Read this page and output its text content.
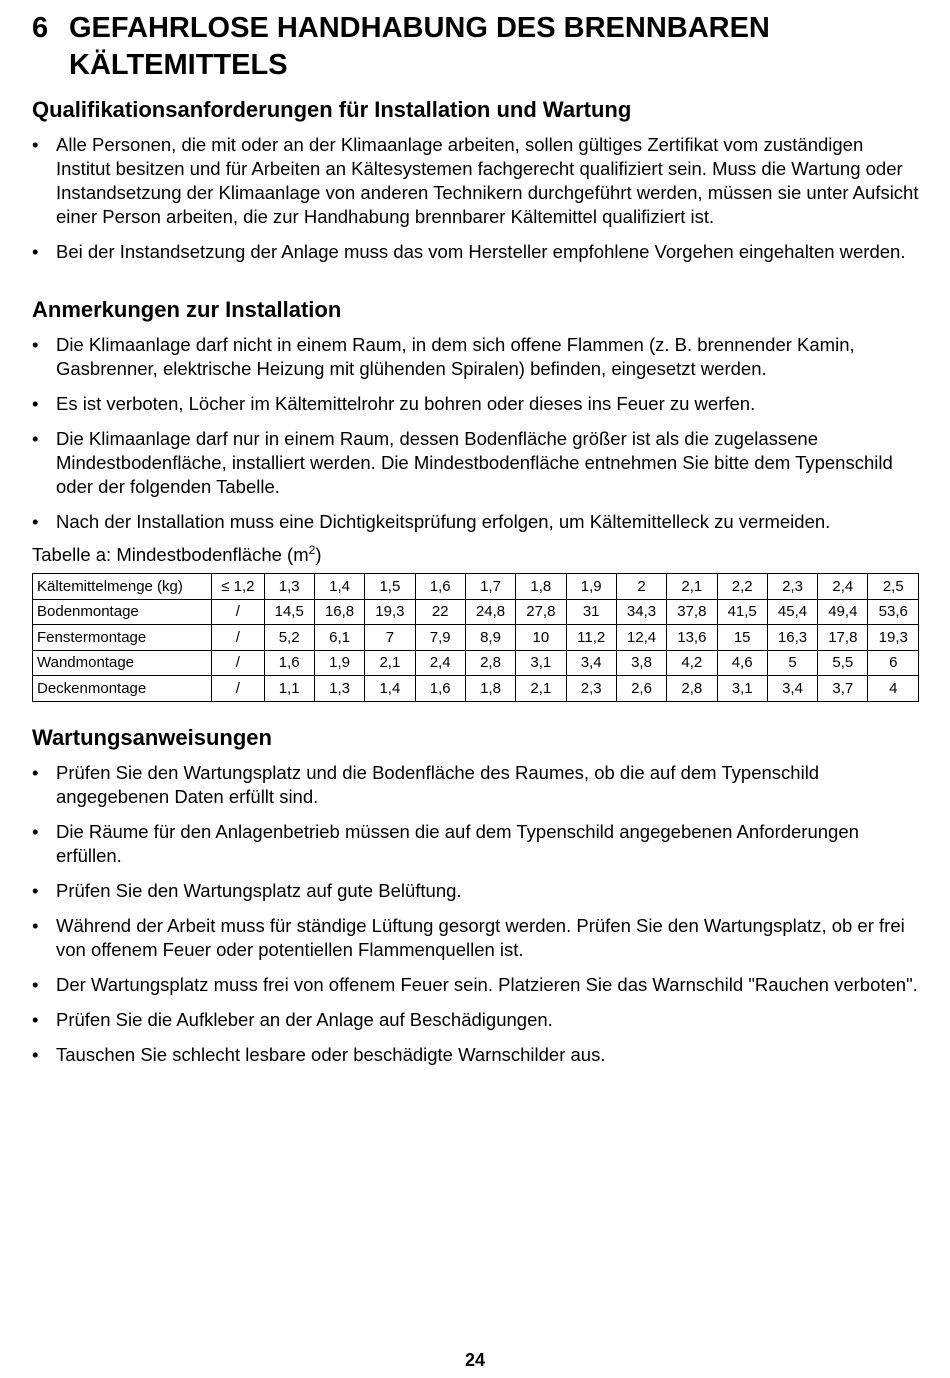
6 GEFAHRLOSE HANDHABUNG DES BRENNBAREN KÄLTEMITTELS
Qualifikationsanforderungen für Installation und Wartung
• Alle Personen, die mit oder an der Klimaanlage arbeiten, sollen gültiges Zertifikat vom zuständigen Institut besitzen und für Arbeiten an Kältesystemen fachgerecht qualifiziert sein. Muss die Wartung oder Instandsetzung der Klimaanlage von anderen Technikern durchgeführt werden, müssen sie unter Aufsicht einer Person arbeiten, die zur Handhabung brennbarer Kältemittel qualifiziert ist.
• Bei der Instandsetzung der Anlage muss das vom Hersteller empfohlene Vorgehen eingehalten werden.
Anmerkungen zur Installation
• Die Klimaanlage darf nicht in einem Raum, in dem sich offene Flammen (z. B. brennender Kamin, Gasbrenner, elektrische Heizung mit glühenden Spiralen) befinden, eingesetzt werden.
• Es ist verboten, Löcher im Kältemittelrohr zu bohren oder dieses ins Feuer zu werfen.
• Die Klimaanlage darf nur in einem Raum, dessen Bodenfläche größer ist als die zugelassene Mindestbodenfläche, installiert werden. Die Mindestbodenfläche entnehmen Sie bitte dem Typenschild oder der folgenden Tabelle.
• Nach der Installation muss eine Dichtigkeitsprüfung erfolgen, um Kältemittelleck zu vermeiden.
Tabelle a: Mindestbodenfläche $(m^2)$
Kältemittelmenge (kg)	≤ 1,2	1,3	1,4	1,5	1,6	1,7	1,8	1,9	2	2,1	2,2	2,3	2,4	2,5
Bodenmontage	/	14,5	16,8	19,3	22	24,8	27,8	31	34,3	37,8	41,5	45,4	49,4	53,6
Fenstermontage	/	5,2	6,1	7	7,9	8,9	10	11,2	12,4	13,6	15	16,3	17,8	19,3
Wandmontage	/	1,6	1,9	2,1	2,4	2,8	3,1	3,4	3,8	4,2	4,6	5	5,5	6
Deckenmontage	/	1,1	1,3	1,4	1,6	1,8	2,1	2,3	2,6	2,8	3,1	3,4	3,7	4
Wartungsanweisungen
• Prüfen Sie den Wartungsplatz und die Bodenfläche des Raumes, ob die auf dem Typenschild angegebenen Daten erfüllt sind.
• Die Räume für den Anlagenbetrieb müssen die auf dem Typenschild angegebenen Anforderungen erfüllen.
• Prüfen Sie den Wartungsplatz auf gute Belüftung.
• Während der Arbeit muss für ständige Lüftung gesorgt werden. Prüfen Sie den Wartungsplatz, ob er frei von offenem Feuer oder potentiellen Flammenquellen ist.
• Der Wartungsplatz muss frei von offenem Feuer sein. Platzieren Sie das Warnschild "Rauchen verboten".
• Prüfen Sie die Aufkleber an der Anlage auf Beschädigungen.
• Tauschen Sie schlecht lesbare oder beschädigte Warnschilder aus.
24
